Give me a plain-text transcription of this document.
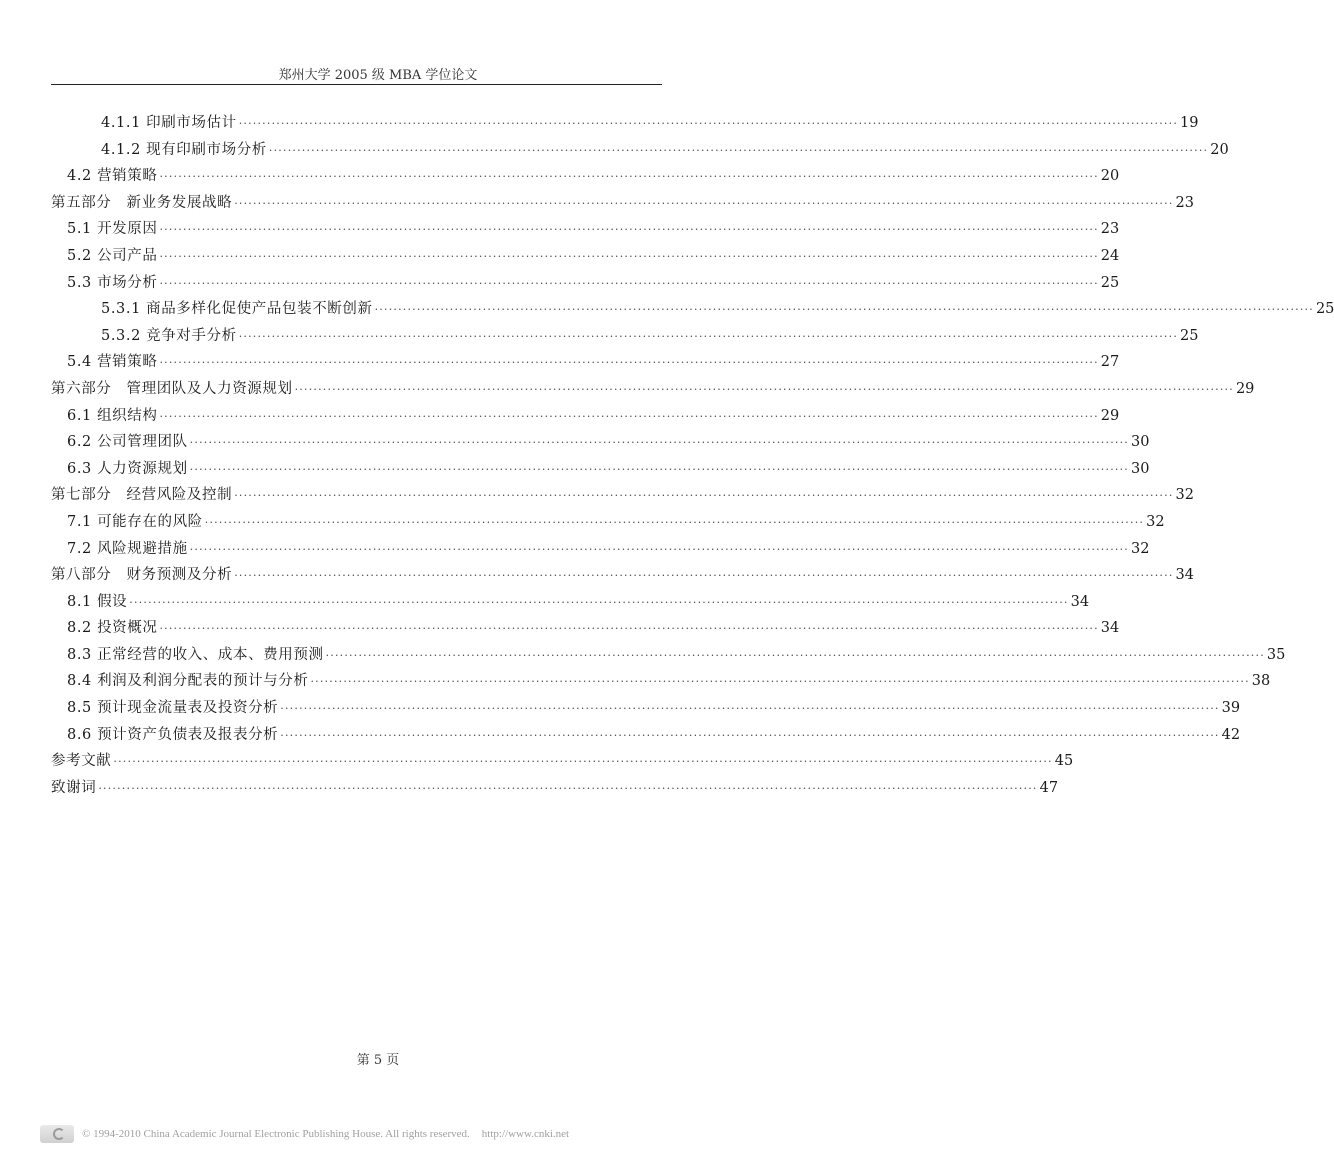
郑州大学 2005 级 MBA 学位论文
4.1.1 印刷市场估计 ········································································································································································································ 19
4.1.2 现有印刷市场分析 ········································································································································································································ 20
4.2 营销策略 ········································································································································································································ 20
第五部分　新业务发展战略 ········································································································································································································ 23
5.1 开发原因 ········································································································································································································ 23
5.2 公司产品 ········································································································································································································ 24
5.3 市场分析 ········································································································································································································ 25
5.3.1 商品多样化促使产品包装不断创新 ········································································································································································································ 25
5.3.2 竞争对手分析 ········································································································································································································ 25
5.4 营销策略 ········································································································································································································ 27
第六部分　管理团队及人力资源规划 ········································································································································································································ 29
6.1 组织结构 ········································································································································································································ 29
6.2 公司管理团队 ········································································································································································································ 30
6.3 人力资源规划 ········································································································································································································ 30
第七部分　经营风险及控制 ········································································································································································································ 32
7.1 可能存在的风险 ········································································································································································································ 32
7.2 风险规避措施 ········································································································································································································ 32
第八部分　财务预测及分析 ········································································································································································································ 34
8.1 假设 ········································································································································································································ 34
8.2 投资概况 ········································································································································································································ 34
8.3 正常经营的收入、成本、费用预测 ········································································································································································································ 35
8.4 利润及利润分配表的预计与分析 ········································································································································································································ 38
8.5 预计现金流量表及投资分析 ········································································································································································································ 39
8.6 预计资产负债表及报表分析 ········································································································································································································ 42
参考文献 ········································································································································································································ 45
致谢词 ········································································································································································································ 47
第 5 页
© 1994-2010 China Academic Journal Electronic Publishing House. All rights reserved. http://www.cnki.net
